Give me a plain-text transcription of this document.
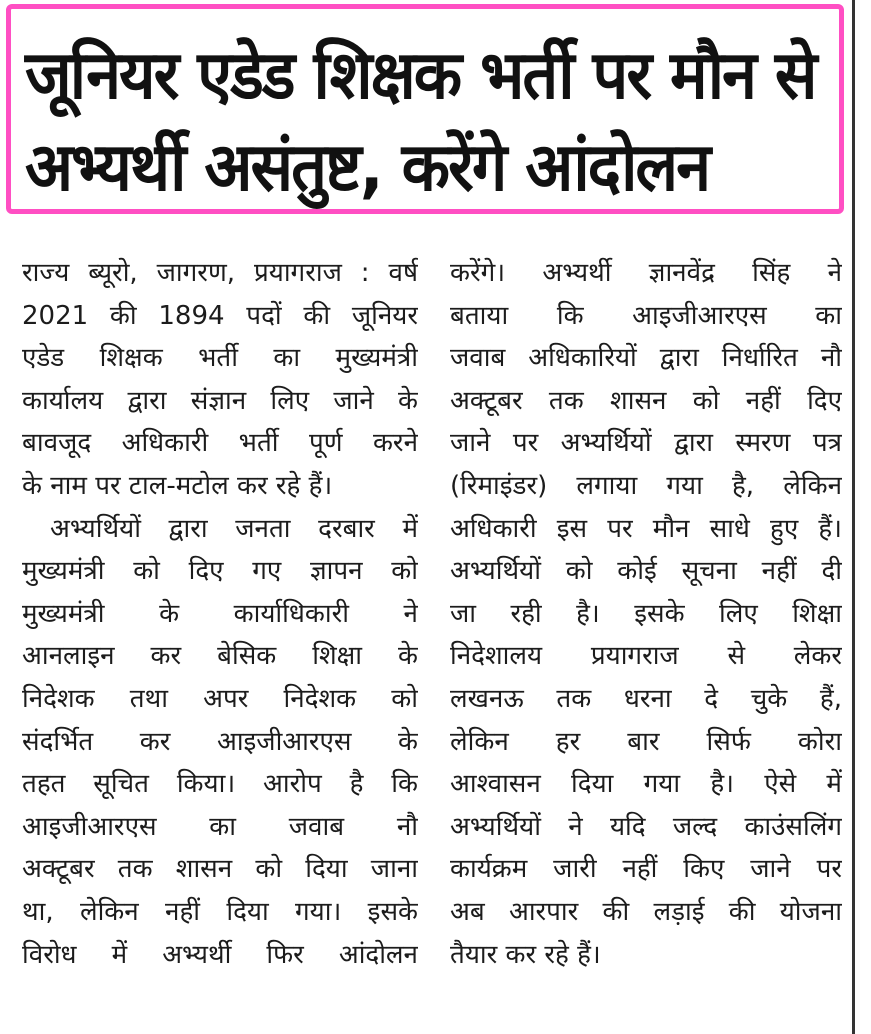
जूनियर एडेड शिक्षक भर्ती पर मौन से
अभ्यर्थी असंतुष्ट, करेंगे आंदोलन
राज्य ब्यूरो, जागरण, प्रयागराज : वर्ष
2021 की 1894 पदों की जूनियर
एडेड शिक्षक भर्ती का मुख्यमंत्री
कार्यालय द्वारा संज्ञान लिए जाने के
बावजूद अधिकारी भर्ती पूर्ण करने
के नाम पर टाल-मटोल कर रहे हैं।
अभ्यर्थियों द्वारा जनता दरबार में
मुख्यमंत्री को दिए गए ज्ञापन को
मुख्यमंत्री के कार्याधिकारी ने
आनलाइन कर बेसिक शिक्षा के
निदेशक तथा अपर निदेशक को
संदर्भित कर आइजीआरएस के
तहत सूचित किया। आरोप है कि
आइजीआरएस का जवाब नौ
अक्टूबर तक शासन को दिया जाना
था, लेकिन नहीं दिया गया। इसके
विरोध में अभ्यर्थी फिर आंदोलन
करेंगे। अभ्यर्थी ज्ञानवेंद्र सिंह ने
बताया कि आइजीआरएस का
जवाब अधिकारियों द्वारा निर्धारित नौ
अक्टूबर तक शासन को नहीं दिए
जाने पर अभ्यर्थियों द्वारा स्मरण पत्र
(रिमाइंडर) लगाया गया है, लेकिन
अधिकारी इस पर मौन साधे हुए हैं।
अभ्यर्थियों को कोई सूचना नहीं दी
जा रही है। इसके लिए शिक्षा
निदेशालय प्रयागराज से लेकर
लखनऊ तक धरना दे चुके हैं,
लेकिन हर बार सिर्फ कोरा
आश्वासन दिया गया है। ऐसे में
अभ्यर्थियों ने यदि जल्द काउंसलिंग
कार्यक्रम जारी नहीं किए जाने पर
अब आरपार की लड़ाई की योजना
तैयार कर रहे हैं।
